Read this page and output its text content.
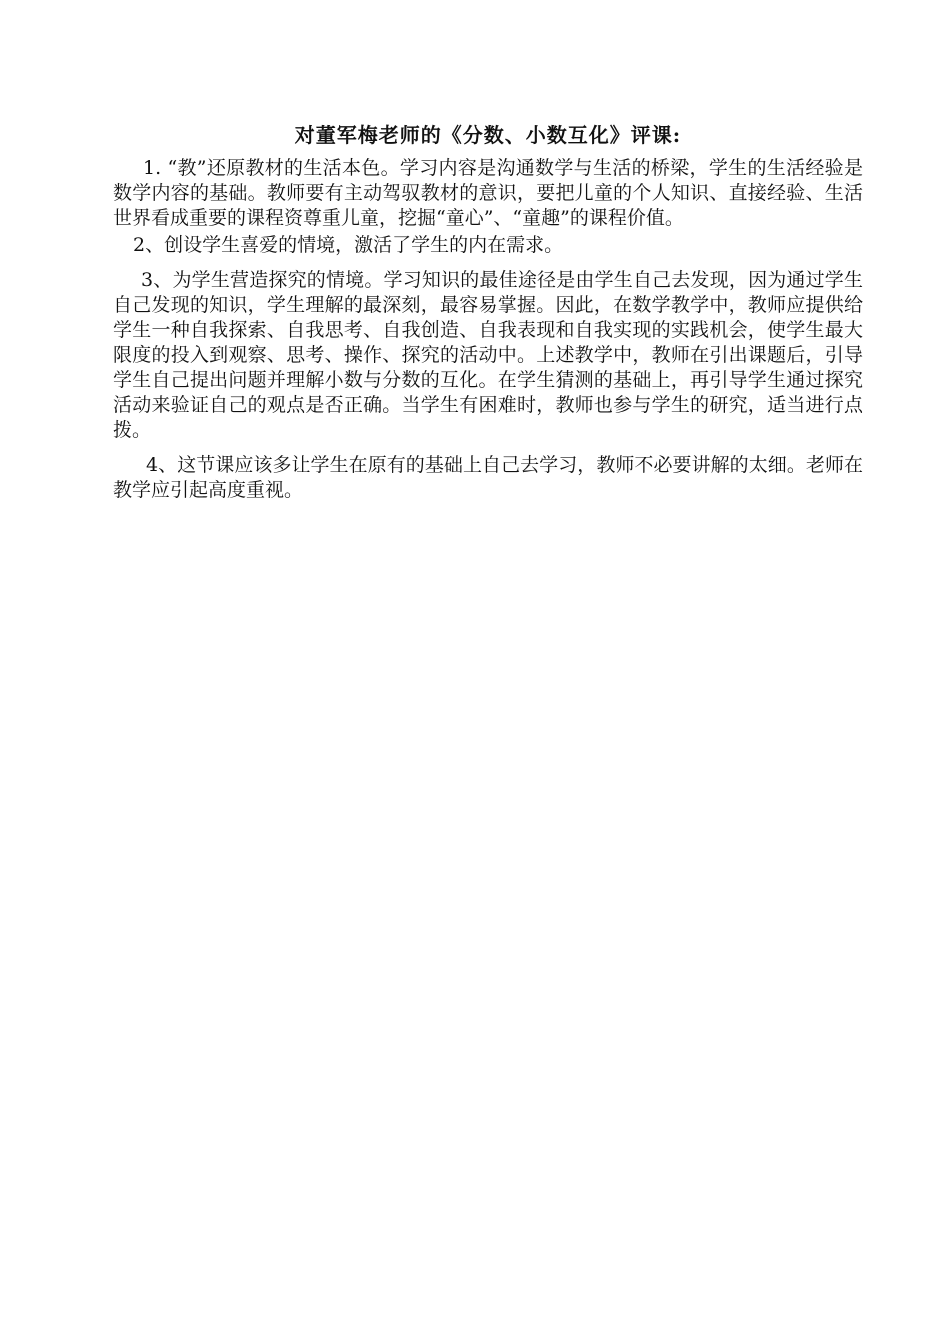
对董军梅老师的《分数、小数互化》评课:

1. “教”还原教材的生活本色。学习内容是沟通数学与生活的桥梁，学生的生活经验是数学内容的基础。教师要有主动驾驭教材的意识，要把儿童的个人知识、直接经验、生活世界看成重要的课程资尊重儿童，挖掘“童心”、“童趣”的课程价值。

2、创设学生喜爱的情境，激活了学生的内在需求。

3、为学生营造探究的情境。学习知识的最佳途径是由学生自己去发现，因为通过学生自己发现的知识，学生理解的最深刻，最容易掌握。因此，在数学教学中，教师应提供给学生一种自我探索、自我思考、自我创造、自我表现和自我实现的实践机会，使学生最大限度的投入到观察、思考、操作、探究的活动中。上述教学中，教师在引出课题后，引导学生自己提出问题并理解小数与分数的互化。在学生猜测的基础上，再引导学生通过探究活动来验证自己的观点是否正确。当学生有困难时，教师也参与学生的研究，适当进行点拨。

4、这节课应该多让学生在原有的基础上自己去学习，教师不必要讲解的太细。老师在教学应引起高度重视。
